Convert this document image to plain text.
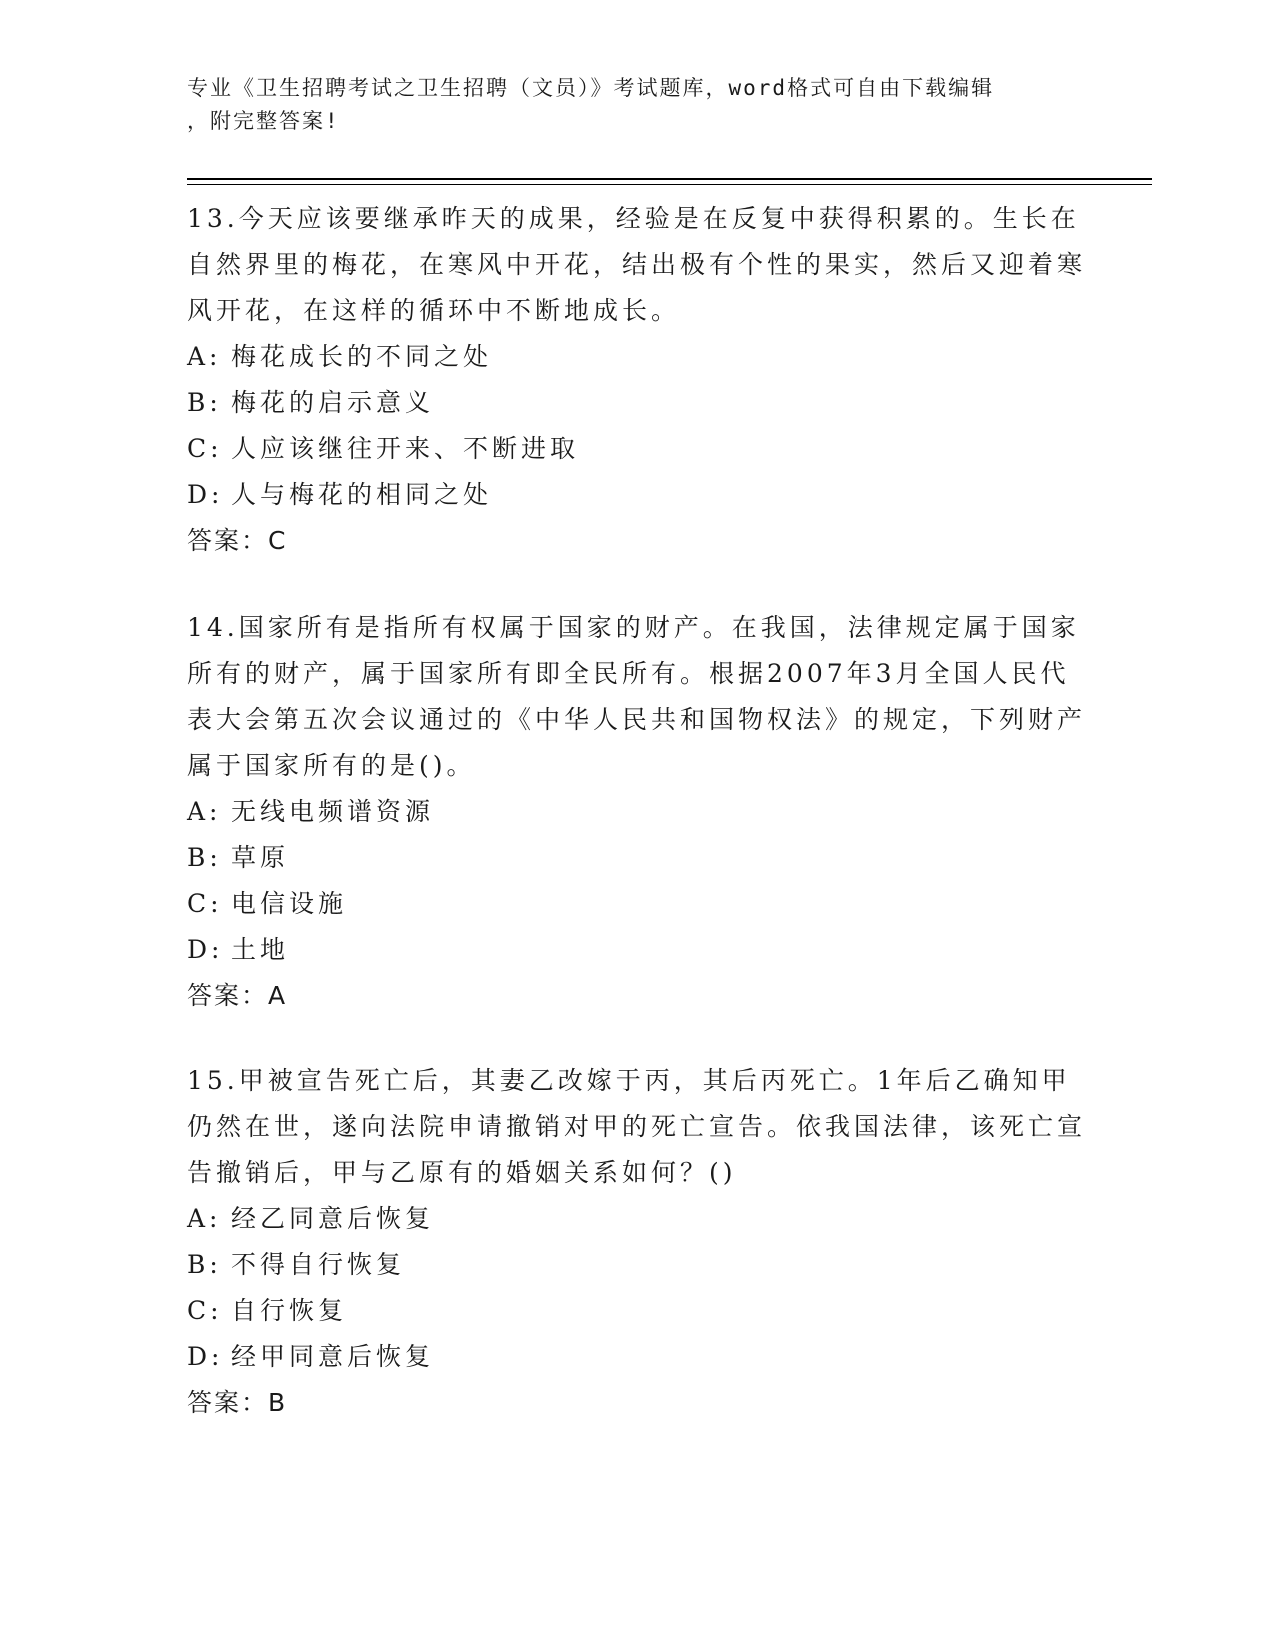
专业《卫生招聘考试之卫生招聘（文员）》考试题库，word格式可自由下载编辑
，附完整答案!

13.今天应该要继承昨天的成果，经验是在反复中获得积累的。生长在自然界里的梅花，在寒风中开花，结出极有个性的果实，然后又迎着寒风开花，在这样的循环中不断地成长。

A: 梅花成长的不同之处
B: 梅花的启示意义
C: 人应该继往开来、不断进取
D: 人与梅花的相同之处
答案：C

14.国家所有是指所有权属于国家的财产。在我国，法律规定属于国家所有的财产，属于国家所有即全民所有。根据2007年3月全国人民代表大会第五次会议通过的《中华人民共和国物权法》的规定，下列财产属于国家所有的是()。

A: 无线电频谱资源
B: 草原
C: 电信设施
D: 土地
答案：A

15.甲被宣告死亡后，其妻乙改嫁于丙，其后丙死亡。1年后乙确知甲仍然在世，遂向法院申请撤销对甲的死亡宣告。依我国法律，该死亡宣告撤销后，甲与乙原有的婚姻关系如何？()

A: 经乙同意后恢复
B: 不得自行恢复
C: 自行恢复
D: 经甲同意后恢复
答案：B
